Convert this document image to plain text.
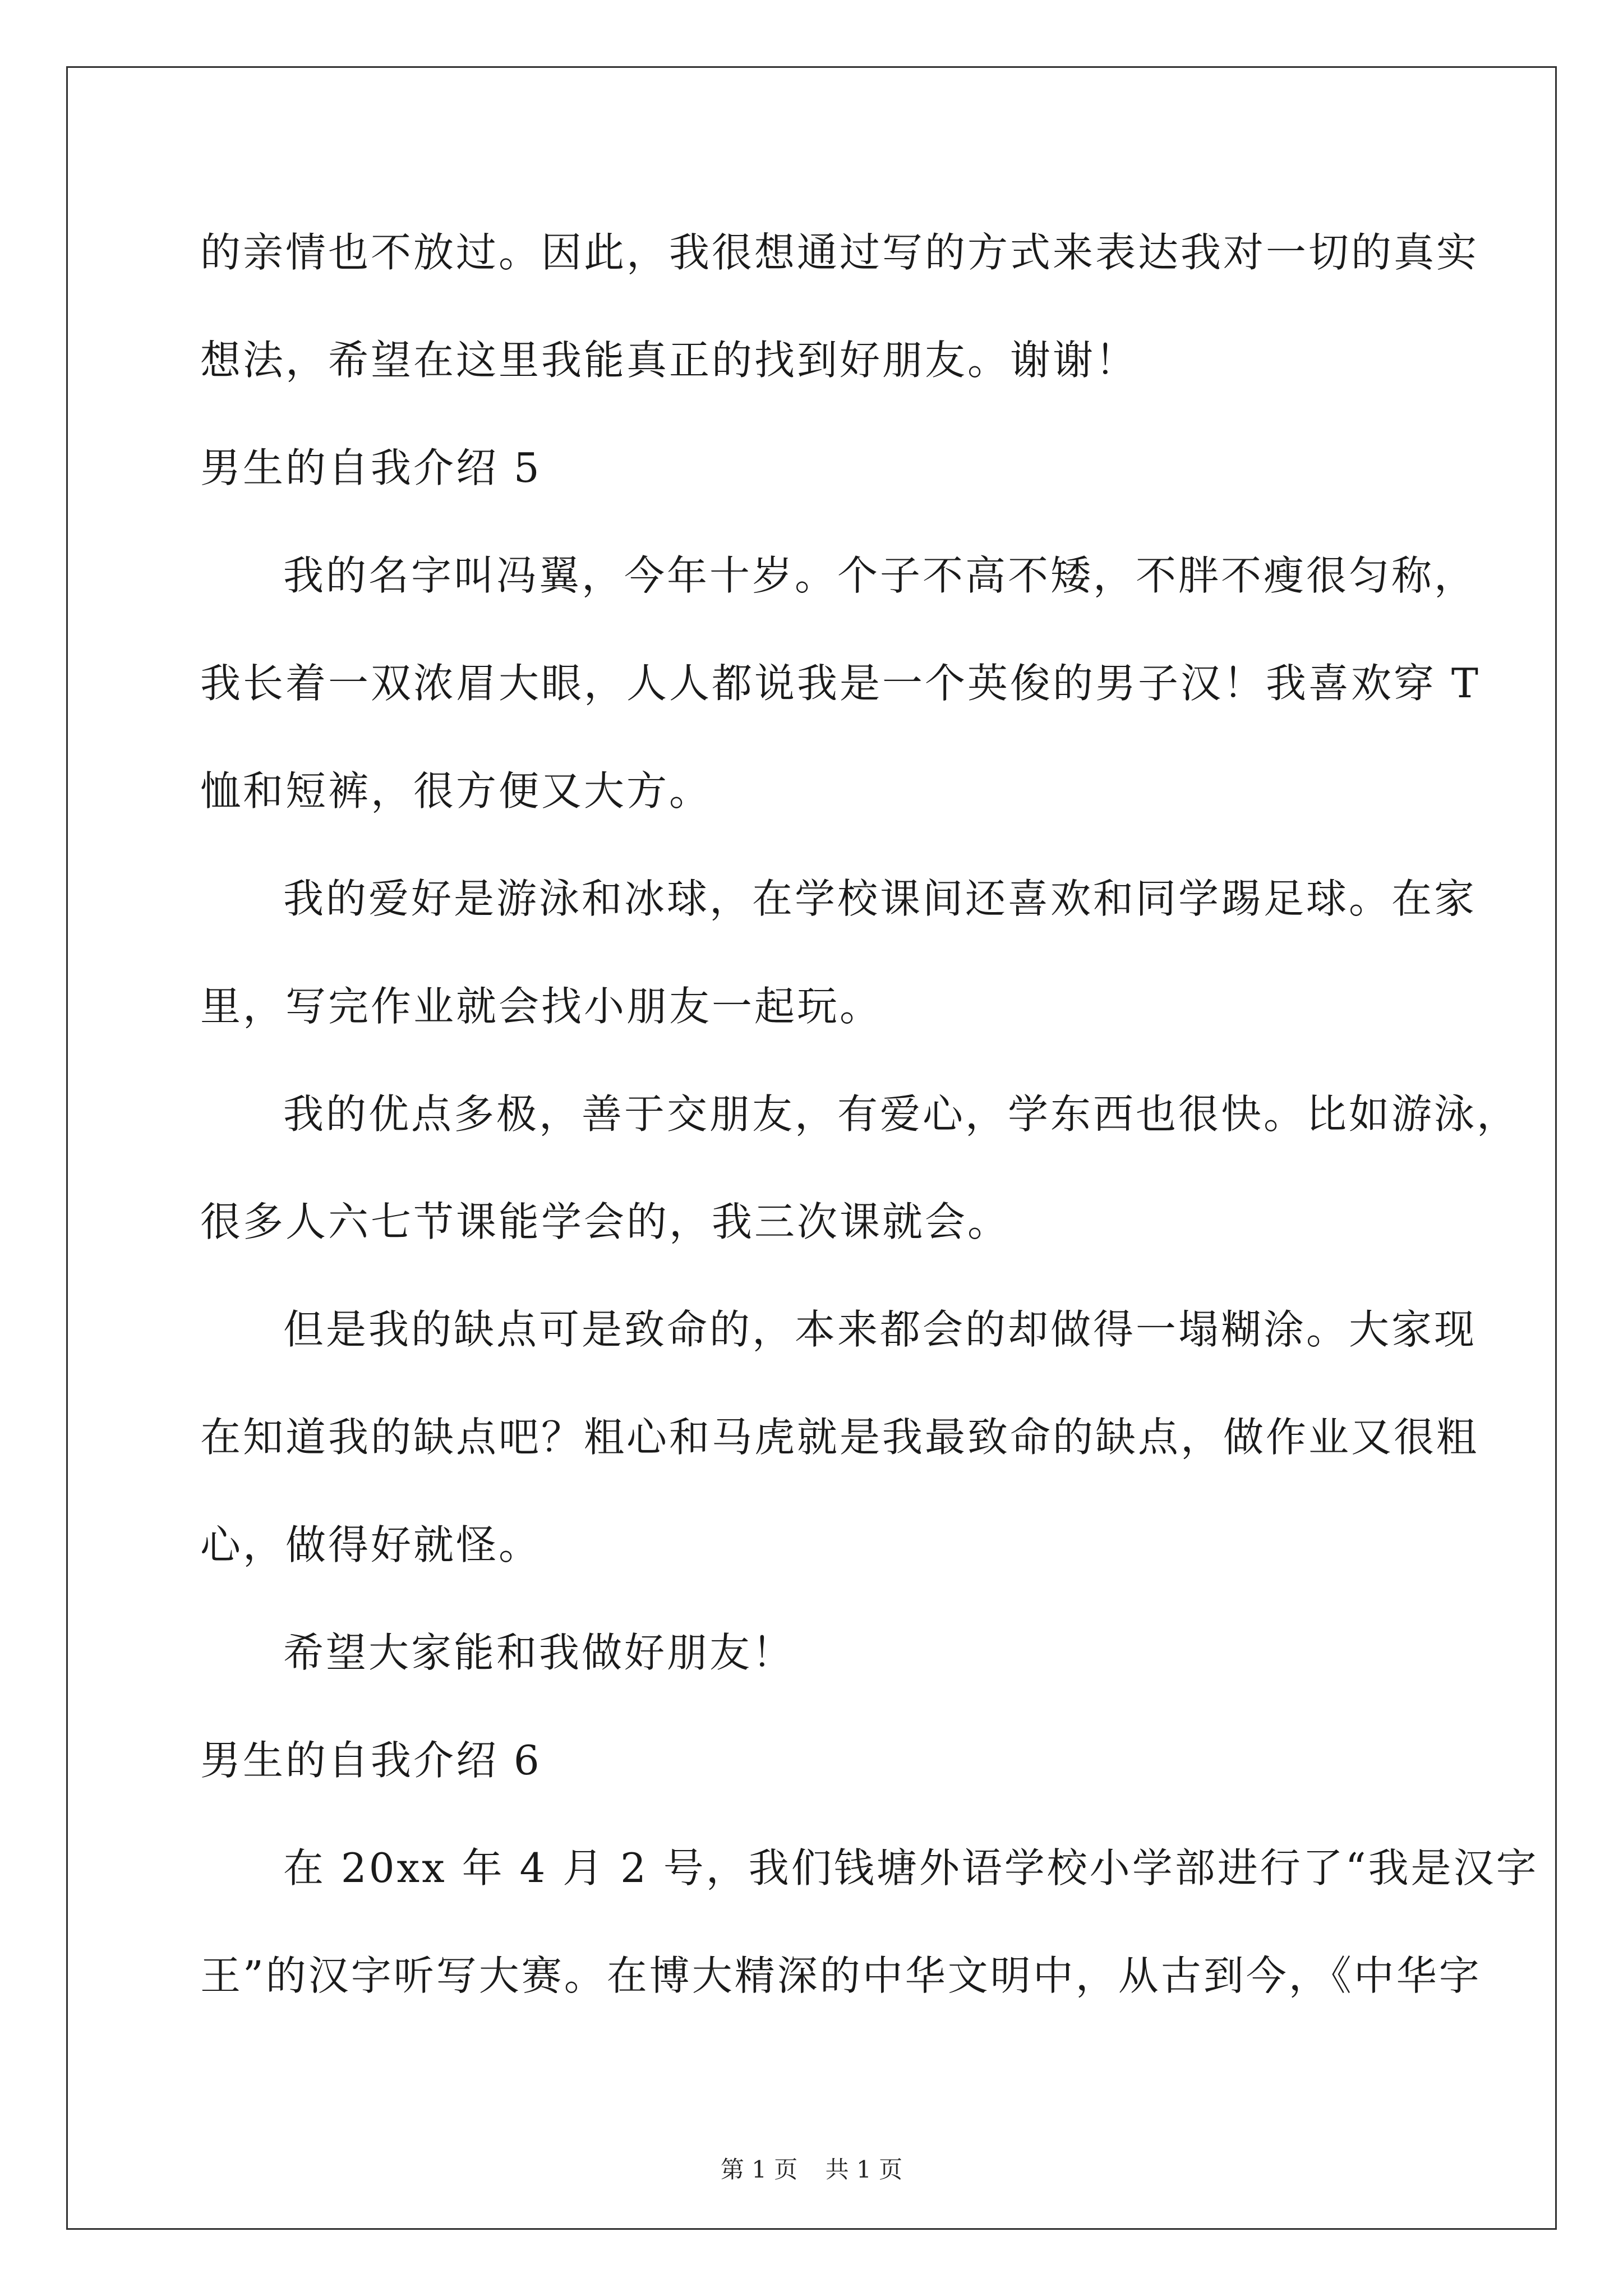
的亲情也不放过。因此，我很想通过写的方式来表达我对一切的真实
想法，希望在这里我能真正的找到好朋友。谢谢！
男生的自我介绍 5
我的名字叫冯翼，今年十岁。个子不高不矮，不胖不瘦很匀称，
我长着一双浓眉大眼，人人都说我是一个英俊的男子汉！我喜欢穿 T
恤和短裤，很方便又大方。
我的爱好是游泳和冰球，在学校课间还喜欢和同学踢足球。在家
里，写完作业就会找小朋友一起玩。
我的优点多极，善于交朋友，有爱心，学东西也很快。比如游泳，
很多人六七节课能学会的，我三次课就会。
但是我的缺点可是致命的，本来都会的却做得一塌糊涂。大家现
在知道我的缺点吧？粗心和马虎就是我最致命的缺点，做作业又很粗
心，做得好就怪。
希望大家能和我做好朋友！
男生的自我介绍 6
在 20xx 年 4 月 2 号，我们钱塘外语学校小学部进行了“我是汉字
王”的汉字听写大赛。在博大精深的中华文明中，从古到今，《中华字
第 1 页 共 1 页
